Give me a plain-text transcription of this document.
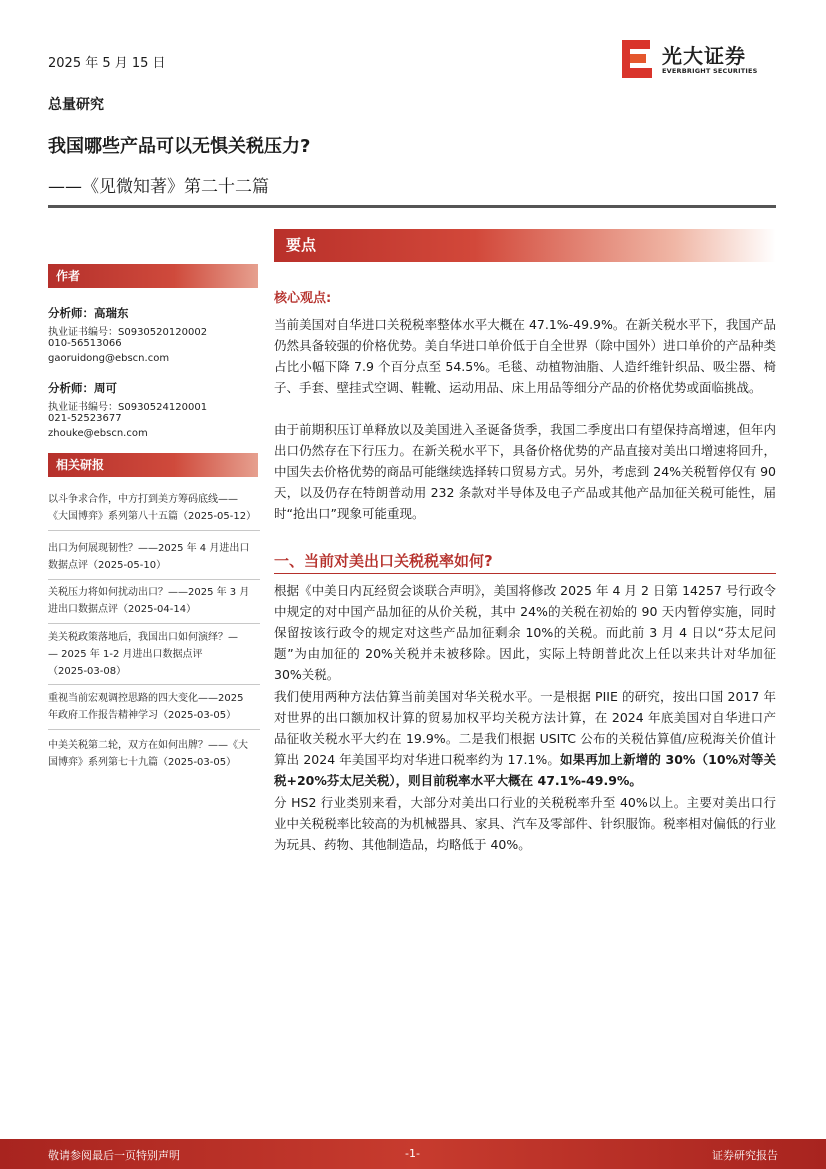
2025 年 5 月 15 日	光大证券
EVERBRIGHT SECURITIES
总量研究
我国哪些产品可以无惧关税压力?
——《见微知著》第二十二篇
作者
分析师：高瑞东
执业证书编号：S0930520120002
010-56513066
gaoruidong@ebscn.com
分析师：周可
执业证书编号：S0930524120001
021-52523677
zhouke@ebscn.com
相关研报
以斗争求合作，中方打到美方筹码底线——
《大国博弈》系列第八十五篇（2025-05-12）
出口为何展现韧性？——2025 年 4 月进出口
数据点评（2025-05-10）
关税压力将如何扰动出口？——2025 年 3 月
进出口数据点评（2025-04-14）
美关税政策落地后，我国出口如何演绎？—
— 2025 年 1-2 月进出口数据点评
（2025-03-08）
重视当前宏观调控思路的四大变化——2025
年政府工作报告精神学习（2025-03-05）
中美关税第二轮，双方在如何出牌？——《大
国博弈》系列第七十九篇（2025-03-05）
要点
核心观点:
当前美国对自华进口关税税率整体水平大概在 47.1%-49.9%。在新关税水平下，我国产品仍然具备较强的价格优势。美自华进口单价低于自全世界（除中国外）进口单价的产品种类占比小幅下降 7.9 个百分点至 54.5%。毛毯、动植物油脂、人造纤维针织品、吸尘器、椅子、手套、壁挂式空调、鞋靴、运动用品、床上用品等细分产品的价格优势或面临挑战。
由于前期积压订单释放以及美国进入圣诞备货季，我国二季度出口有望保持高增速，但年内出口仍然存在下行压力。在新关税水平下，具备价格优势的产品直接对美出口增速将回升，中国失去价格优势的商品可能继续选择转口贸易方式。另外，考虑到 24%关税暂停仅有 90 天，以及仍存在特朗普动用 232 条款对半导体及电子产品或其他产品加征关税可能性，届时“抢出口”现象可能重现。
一、当前对美出口关税税率如何?
根据《中美日内瓦经贸会谈联合声明》，美国将修改 2025 年 4 月 2 日第 14257 号行政令中规定的对中国产品加征的从价关税，其中 24%的关税在初始的 90 天内暂停实施，同时保留按该行政令的规定对这些产品加征剩余 10%的关税。而此前 3 月 4 日以“芬太尼问题”为由加征的 20%关税并未被移除。因此，实际上特朗普此次上任以来共计对华加征 30%关税。
我们使用两种方法估算当前美国对华关税水平。一是根据 PIIE 的研究，按出口国 2017 年对世界的出口额加权计算的贸易加权平均关税方法计算，在 2024 年底美国对自华进口产品征收关税水平大约在 19.9%。二是我们根据 USITC 公布的关税估算值/应税海关价值计算出 2024 年美国平均对华进口税率约为 17.1%。如果再加上新增的 30%（10%对等关税+20%芬太尼关税），则目前税率水平大概在 47.1%-49.9%。
分 HS2 行业类别来看，大部分对美出口行业的关税税率升至 40%以上。主要对美出口行业中关税税率比较高的为机械器具、家具、汽车及零部件、针织服饰。税率相对偏低的行业为玩具、药物、其他制造品，均略低于 40%。
敬请参阅最后一页特别声明	-1-	证券研究报告
